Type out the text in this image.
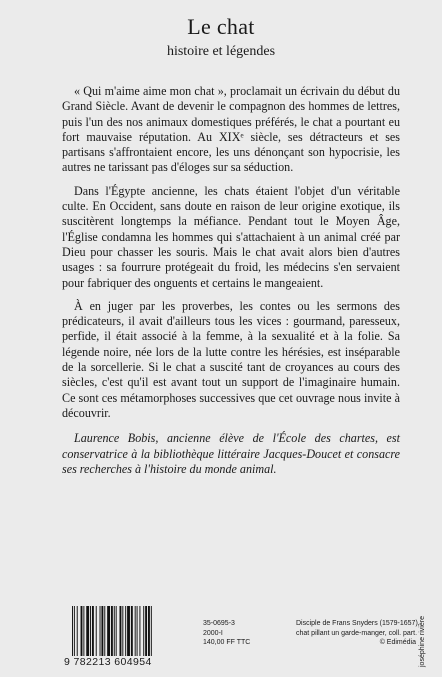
Le chat
histoire et légendes

« Qui m'aime aime mon chat », proclamait un écrivain du début du Grand Siècle. Avant de devenir le compagnon des hommes de lettres, puis l'un des nos animaux domestiques préférés, le chat a pourtant eu fort mauvaise réputation. Au XIXᵉ siècle, ses détracteurs et ses partisans s'affrontaient encore, les uns dénonçant son hypocrisie, les autres ne tarissant pas d'éloges sur sa séduction.

Dans l'Égypte ancienne, les chats étaient l'objet d'un véritable culte. En Occident, sans doute en raison de leur origine exotique, ils suscitèrent longtemps la méfiance. Pendant tout le Moyen Âge, l'Église condamna les hommes qui s'attachaient à un animal créé par Dieu pour chasser les souris. Mais le chat avait alors bien d'autres usages : sa fourrure protégeait du froid, les médecins s'en servaient pour fabriquer des onguents et certains le mangeaient.

À en juger par les proverbes, les contes ou les sermons des prédicateurs, il avait d'ailleurs tous les vices : gourmand, paresseux, perfide, il était associé à la femme, à la sexualité et à la folie. Sa légende noire, née lors de la lutte contre les hérésies, est inséparable de la sorcellerie. Si le chat a suscité tant de croyances au cours des siècles, c'est qu'il est avant tout un support de l'imaginaire humain. Ce sont ces métamorphoses successives que cet ouvrage nous invite à découvrir.

Laurence Bobis, ancienne élève de l'École des chartes, est conservatrice à la bibliothèque littéraire Jacques-Doucet et consacre ses recherches à l'histoire du monde animal.

9 782213 604954
35-0695-3
2000-I
140,00 FF TTC
Disciple de Frans Snyders (1579-1657),
chat pillant un garde-manger, coll. part.
© Edimédia joséphine rivière
